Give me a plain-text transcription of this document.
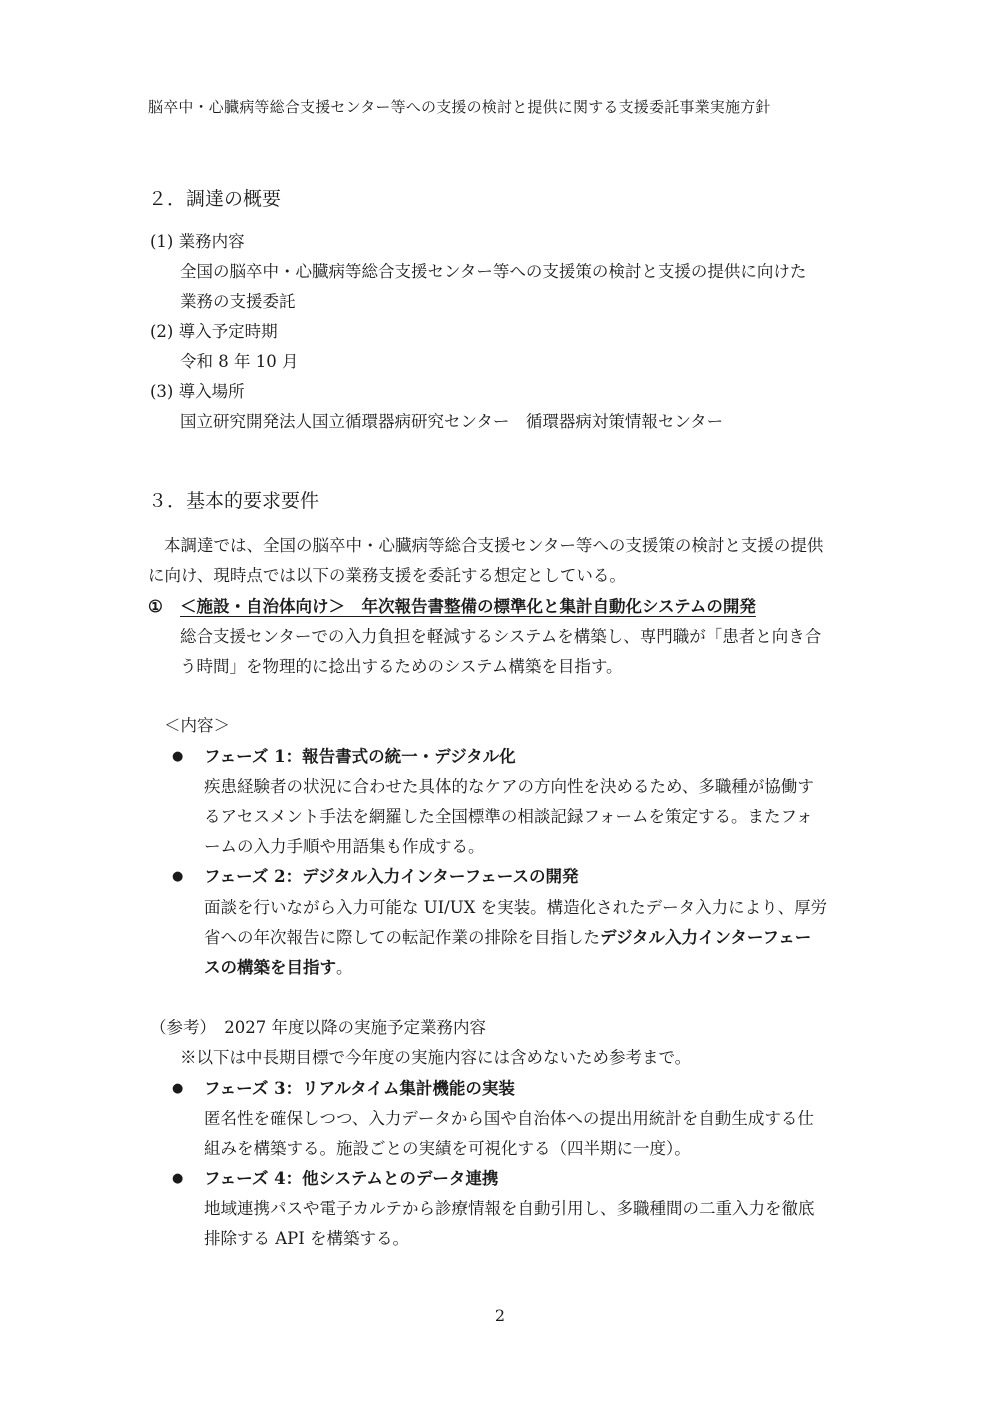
脳卒中・心臓病等総合支援センター等への支援の検討と提供に関する支援委託事業実施方針
２．調達の概要
(1) 業務内容
全国の脳卒中・心臓病等総合支援センター等への支援策の検討と支援の提供に向けた
業務の支援委託
(2) 導入予定時期
令和 8 年 10 月
(3) 導入場所
国立研究開発法人国立循環器病研究センター　循環器病対策情報センター
３．基本的要求要件
本調達では、全国の脳卒中・心臓病等総合支援センター等への支援策の検討と支援の提供
に向け、現時点では以下の業務支援を委託する想定としている。
① ＜施設・自治体向け＞　年次報告書整備の標準化と集計自動化システムの開発
総合支援センターでの入力負担を軽減するシステムを構築し、専門職が「患者と向き合
う時間」を物理的に捻出するためのシステム構築を目指す。
＜内容＞
● フェーズ 1：報告書式の統一・デジタル化
疾患経験者の状況に合わせた具体的なケアの方向性を決めるため、多職種が協働す
るアセスメント手法を網羅した全国標準の相談記録フォームを策定する。またフォ
ームの入力手順や用語集も作成する。
● フェーズ 2：デジタル入力インターフェースの開発
面談を行いながら入力可能な UI/UX を実装。構造化されたデータ入力により、厚労
省への年次報告に際しての転記作業の排除を目指したデジタル入力インターフェー
スの構築を目指す。
（参考）　2027 年度以降の実施予定業務内容
※以下は中長期目標で今年度の実施内容には含めないため参考まで。
● フェーズ 3：リアルタイム集計機能の実装
匿名性を確保しつつ、入力データから国や自治体への提出用統計を自動生成する仕
組みを構築する。施設ごとの実績を可視化する（四半期に一度）。
● フェーズ 4：他システムとのデータ連携
地域連携パスや電子カルテから診療情報を自動引用し、多職種間の二重入力を徹底
排除する API を構築する。
2
